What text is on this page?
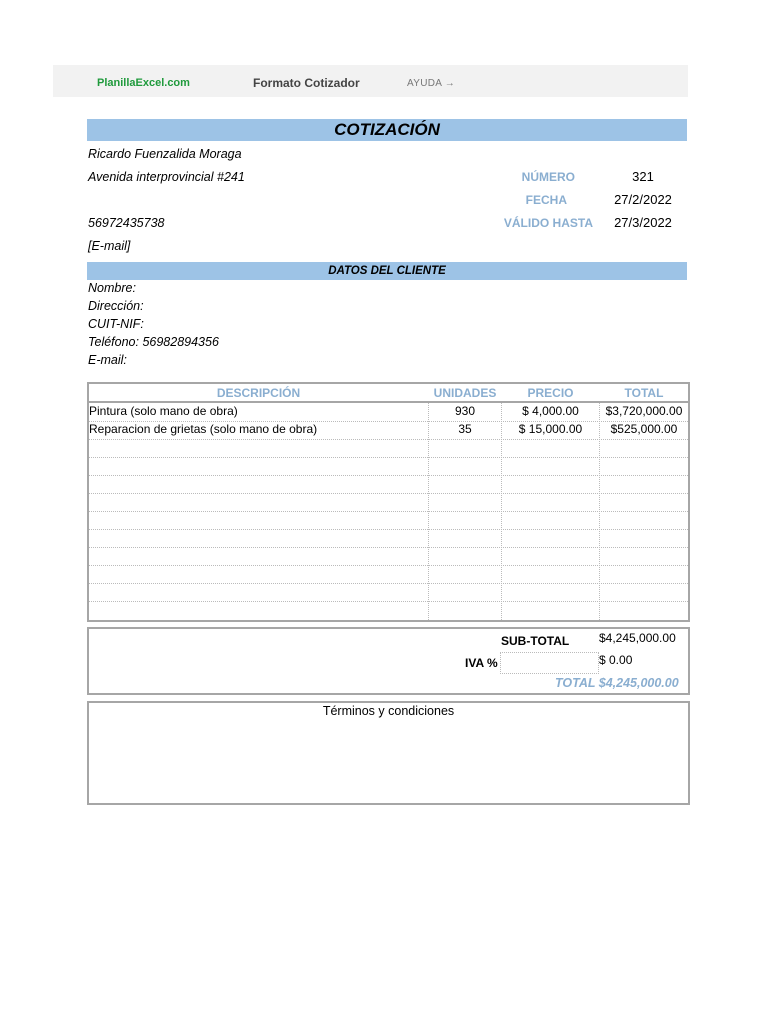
PlanillaExcel.com	Formato Cotizador	AYUDA →
COTIZACIÓN
Ricardo Fuenzalida Moraga
Avenida interprovincial #241
56972435738
[E-mail]
NÚMERO	321
FECHA	27/2/2022
VÁLIDO HASTA	27/3/2022
DATOS DEL CLIENTE
Nombre:
Dirección:
CUIT-NIF:
Teléfono: 56982894356
E-mail:
DESCRIPCIÓN	UNIDADES	PRECIO	TOTAL
Pintura (solo mano de obra)	930	$ 4,000.00	$3,720,000.00
Reparacion de grietas (solo mano de obra)	35	$ 15,000.00	$525,000.00
SUB-TOTAL $4,245,000.00
IVA %	$ 0.00
TOTAL $4,245,000.00
Términos y condiciones
